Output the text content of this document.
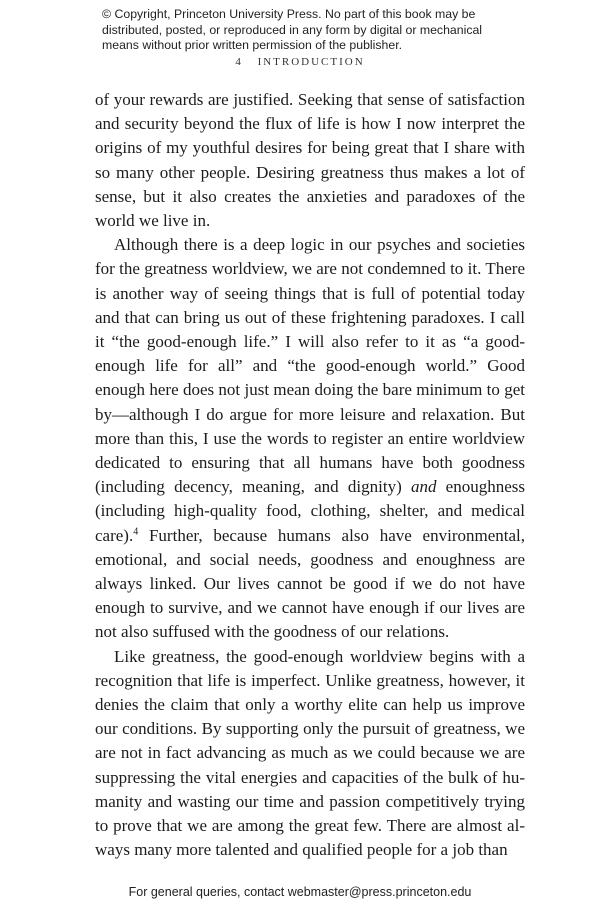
© Copyright, Princeton University Press. No part of this book may be distributed, posted, or reproduced in any form by digital or mechanical means without prior written permission of the publisher.
4 INTRODUCTION

of your rewards are justified. Seeking that sense of satisfaction and security beyond the flux of life is how I now interpret the origins of my youthful desires for being great that I share with so many other people. Desiring greatness thus makes a lot of sense, but it also creates the anxieties and paradoxes of the world we live in.

Although there is a deep logic in our psyches and societies for the greatness worldview, we are not condemned to it. There is another way of seeing things that is full of potential today and that can bring us out of these frightening paradoxes. I call it “the good-enough life.” I will also refer to it as “a good-enough life for all” and “the good-enough world.” Good enough here does not just mean doing the bare minimum to get by—although I do argue for more leisure and relaxation. But more than this, I use the words to register an entire worldview dedicated to ensuring that all humans have both goodness (including decency, meaning, and dignity) and enoughness (including high-quality food, clothing, shelter, and medical care).$^4$ Further, because humans also have environmental, emotional, and social needs, goodness and enoughness are always linked. Our lives cannot be good if we do not have enough to survive, and we cannot have enough if our lives are not also suffused with the goodness of our relations.

Like greatness, the good-enough worldview begins with a recognition that life is imperfect. Unlike greatness, however, it denies the claim that only a worthy elite can help us improve our conditions. By supporting only the pursuit of greatness, we are not in fact advancing as much as we could because we are suppressing the vital energies and capacities of the bulk of humanity and wasting our time and passion competitively trying to prove that we are among the great few. There are almost always many more talented and qualified people for a job than

For general queries, contact webmaster@press.princeton.edu
